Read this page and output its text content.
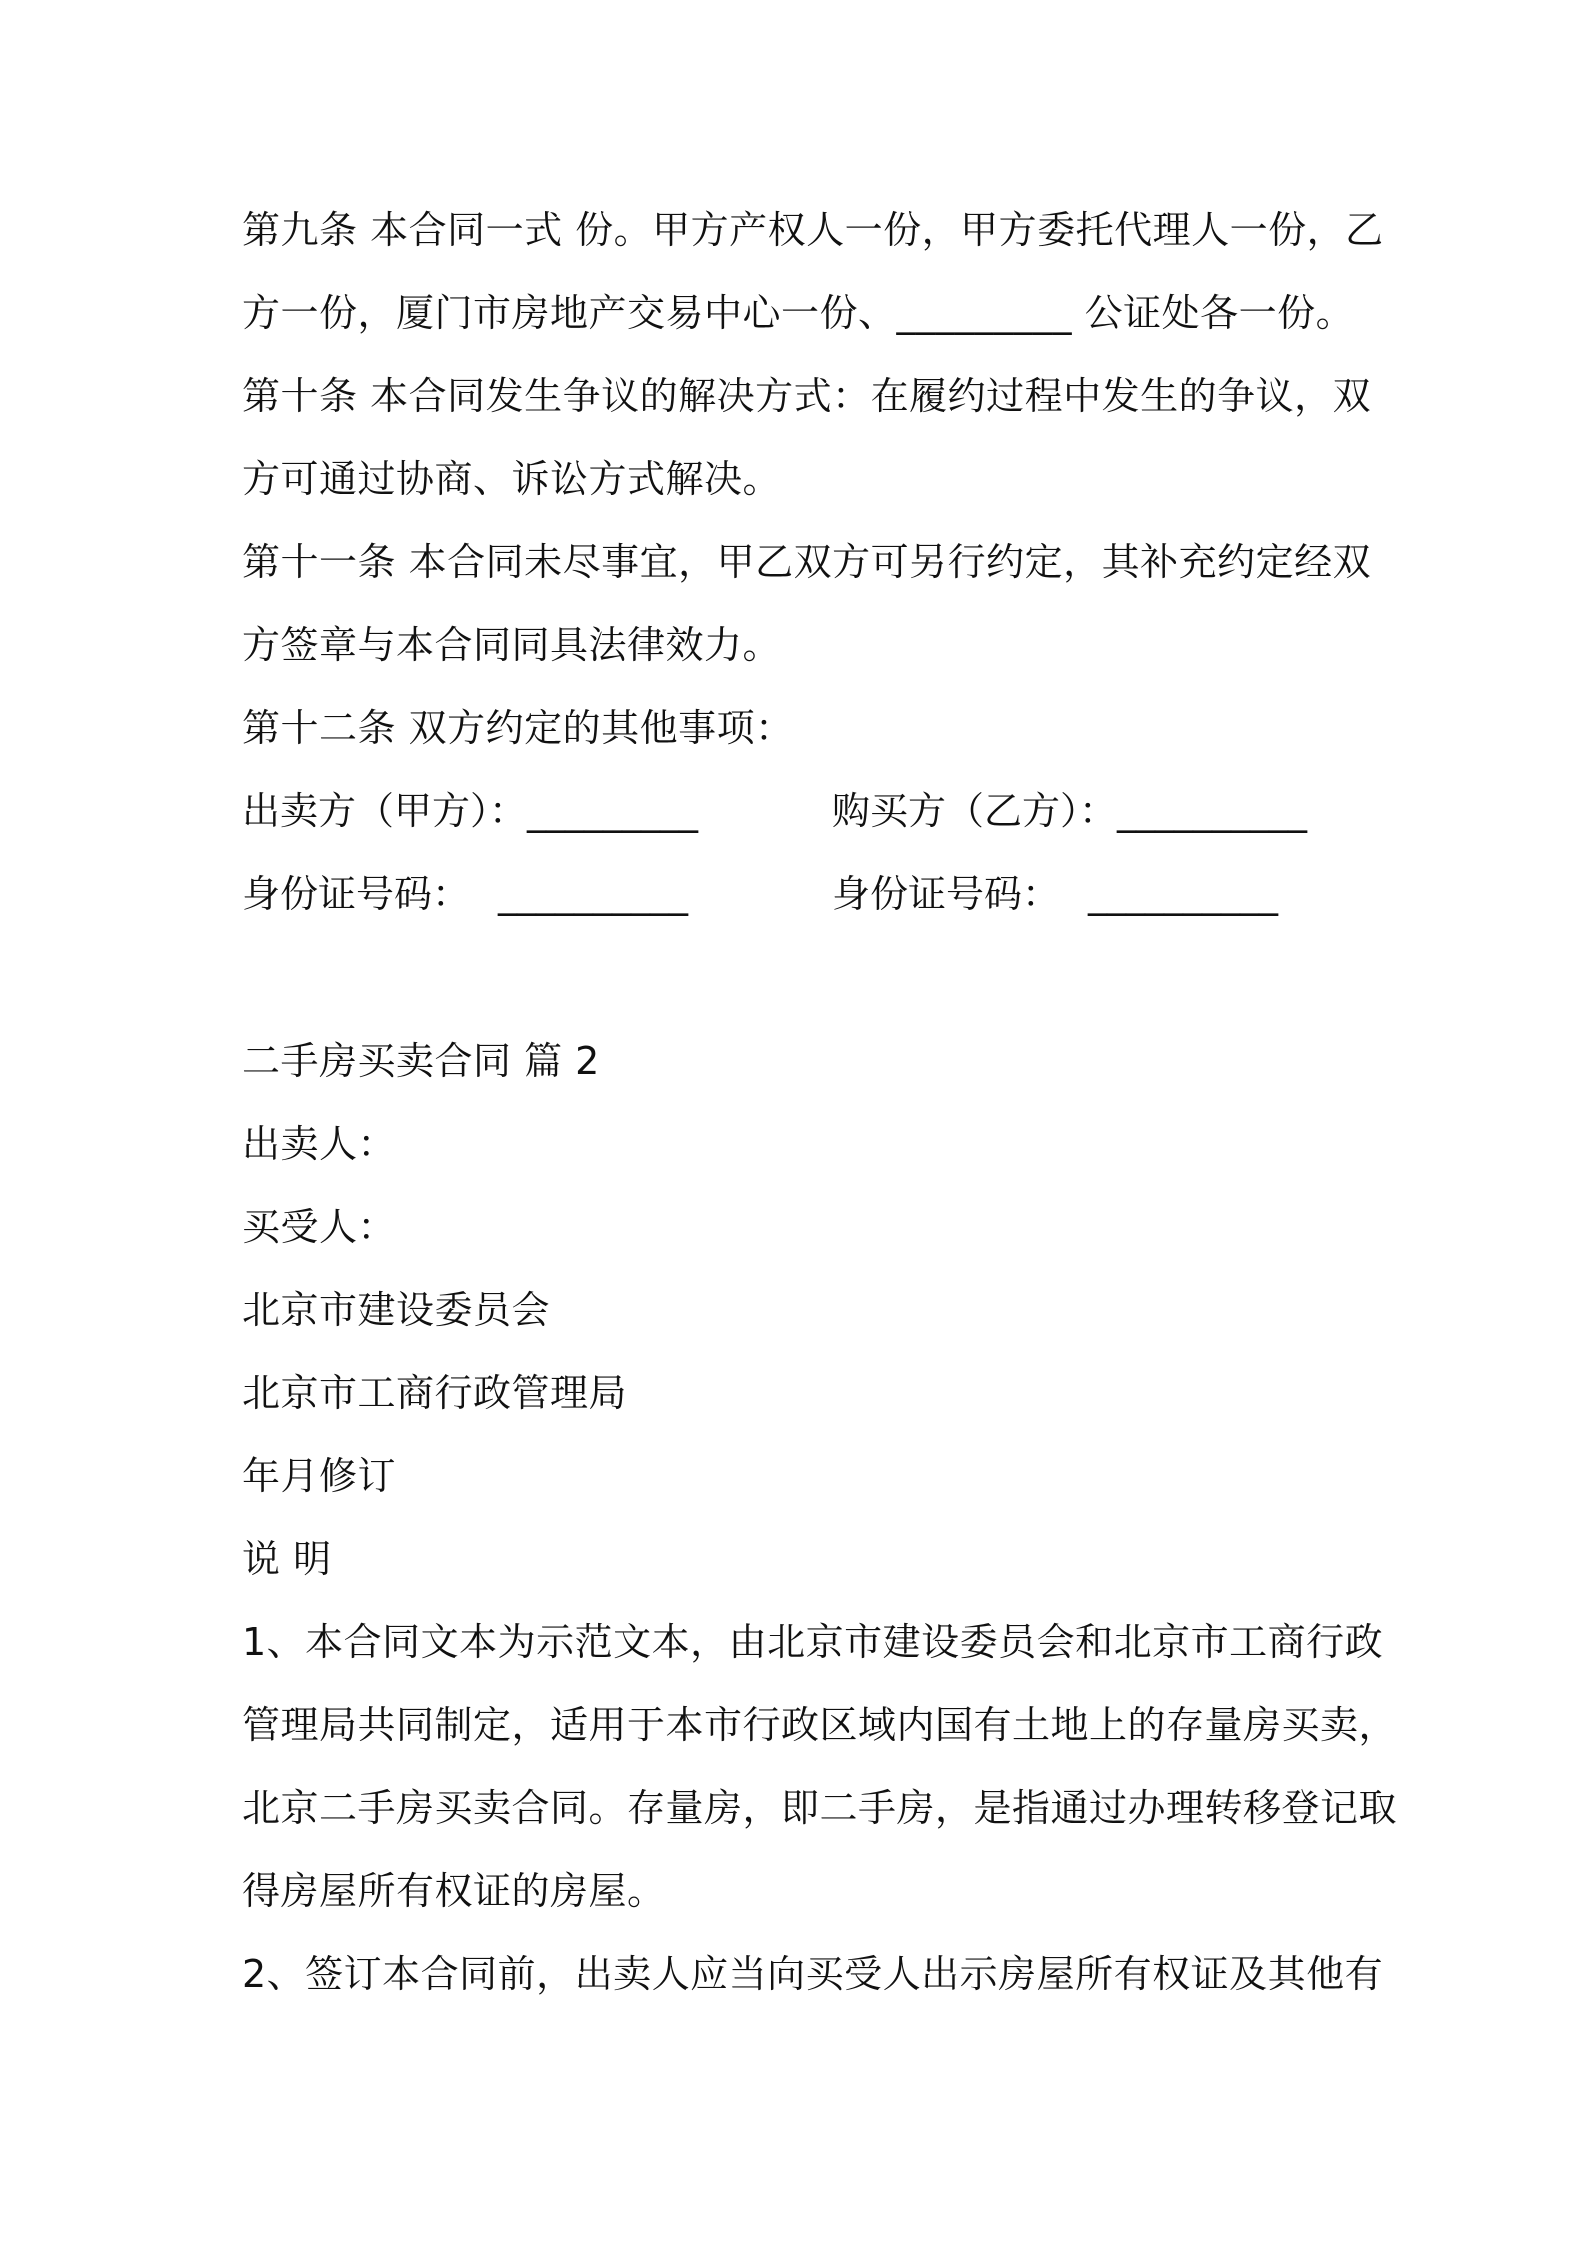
第九条 本合同一式 份。甲方产权人一份，甲方委托代理人一份，乙
方一份，厦门市房地产交易中心一份、_________ 公证处各一份。
第十条 本合同发生争议的解决方式：在履约过程中发生的争议，双
方可通过协商、诉讼方式解决。
第十一条 本合同未尽事宜，甲乙双方可另行约定，其补充约定经双
方签章与本合同同具法律效力。
第十二条 双方约定的其他事项：
出卖方（甲方）：_________	购买方（乙方）：__________
身份证号码： __________	身份证号码： __________
二手房买卖合同 篇 2
出卖人：
买受人：
北京市建设委员会
北京市工商行政管理局
年月修订
说 明
1、本合同文本为示范文本，由北京市建设委员会和北京市工商行政
管理局共同制定，适用于本市行政区域内国有土地上的存量房买卖，
北京二手房买卖合同。存量房，即二手房，是指通过办理转移登记取
得房屋所有权证的房屋。
2、签订本合同前，出卖人应当向买受人出示房屋所有权证及其他有
